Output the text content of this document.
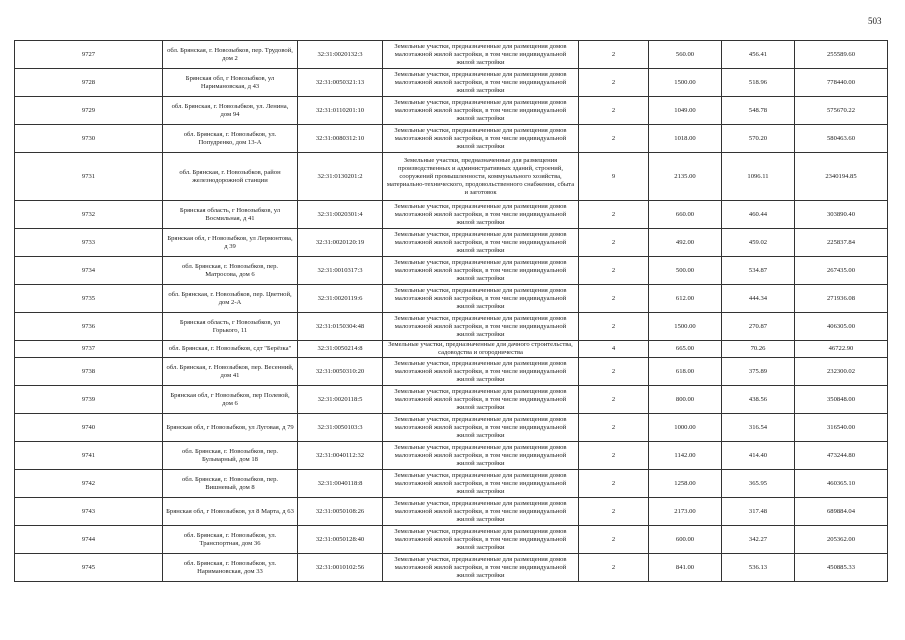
503
9727	обл. Брянская, г. Новозыбков, пер. Трудовой, дом 2	32:31:0020132:3	Земельные участки, предназначенные для размещения домов малоэтажной жилой застройки, в том числе индивидуальной жилой застройки	2	560.00	456.41	255589.60
9728	Брянская обл, г Новозыбков, ул Наримановская, д 43	32:31:0050321:13	Земельные участки, предназначенные для размещения домов малоэтажной жилой застройки, в том числе индивидуальной жилой застройки	2	1500.00	518.96	778440.00
9729	обл. Брянская, г. Новозыбков, ул. Ленина, дом 94	32:31:0110201:10	Земельные участки, предназначенные для размещения домов малоэтажной жилой застройки, в том числе индивидуальной жилой застройки	2	1049.00	548.78	575670.22
9730	обл. Брянская, г. Новозыбков, ул. Попудренко, дом 13-А	32:31:0080312:10	Земельные участки, предназначенные для размещения домов малоэтажной жилой застройки, в том числе индивидуальной жилой застройки	2	1018.00	570.20	580463.60
9731	обл. Брянская, г. Новозыбков, район железнодорожной станции	32:31:0130201:2	Земельные участки, предназначенные для размещения производственных и административных зданий, строений, сооружений промышленности, коммунального хозяйства, материально-технического, продовольственного снабжения, сбыта и заготовок	9	2135.00	1096.11	2340194.85
9732	Брянская область, г Новозыбков, ул Восмильная, д 41	32:31:0020301:4	Земельные участки, предназначенные для размещения домов малоэтажной жилой застройки, в том числе индивидуальной жилой застройки	2	660.00	460.44	303890.40
9733	Брянская обл, г Новозыбков, ул Лермонтова, д 39	32:31:0020120:19	Земельные участки, предназначенные для размещения домов малоэтажной жилой застройки, в том числе индивидуальной жилой застройки	2	492.00	459.02	225837.84
9734	обл. Брянская, г. Новозыбков, пер. Матросова, дом 6	32:31:0010317:3	Земельные участки, предназначенные для размещения домов малоэтажной жилой застройки, в том числе индивидуальной жилой застройки	2	500.00	534.87	267435.00
9735	обл. Брянская, г. Новозыбков, пер. Цветной, дом 2-А	32:31:0020119:6	Земельные участки, предназначенные для размещения домов малоэтажной жилой застройки, в том числе индивидуальной жилой застройки	2	612.00	444.34	271936.08
9736	Брянская область, г Новозыбков, ул Горького, 11	32:31:0150304:48	Земельные участки, предназначенные для размещения домов малоэтажной жилой застройки, в том числе индивидуальной жилой застройки	2	1500.00	270.87	406305.00
9737	обл. Брянская, г. Новозыбков, сдт "Берёзка"	32:31:0050214:8	Земельные участки, предназначенные для дачного строительства, садоводства и огородничества	4	665.00	70.26	46722.90
9738	обл. Брянская, г. Новозыбков, пер. Весенний, дом 41	32:31:0050310:20	Земельные участки, предназначенные для размещения домов малоэтажной жилой застройки, в том числе индивидуальной жилой застройки	2	618.00	375.89	232300.02
9739	Брянская обл, г Новозыбков, пер Полевой, дом 6	32:31:0020118:5	Земельные участки, предназначенные для размещения домов малоэтажной жилой застройки, в том числе индивидуальной жилой застройки	2	800.00	438.56	350848.00
9740	Брянская обл, г Новозыбков, ул Луговая, д 79	32:31:0050103:3	Земельные участки, предназначенные для размещения домов малоэтажной жилой застройки, в том числе индивидуальной жилой застройки	2	1000.00	316.54	316540.00
9741	обл. Брянская, г. Новозыбков, пер. Бульварный, дом 18	32:31:0040112:32	Земельные участки, предназначенные для размещения домов малоэтажной жилой застройки, в том числе индивидуальной жилой застройки	2	1142.00	414.40	473244.80
9742	обл. Брянская, г. Новозыбков, пер. Вишневый, дом 8	32:31:0040118:8	Земельные участки, предназначенные для размещения домов малоэтажной жилой застройки, в том числе индивидуальной жилой застройки	2	1258.00	365.95	460365.10
9743	Брянская обл, г Новозыбков, ул 8 Марта, д 63	32:31:0050108:26	Земельные участки, предназначенные для размещения домов малоэтажной жилой застройки, в том числе индивидуальной жилой застройки	2	2173.00	317.48	689884.04
9744	обл. Брянская, г. Новозыбков, ул. Транспортная, дом 36	32:31:0050128:40	Земельные участки, предназначенные для размещения домов малоэтажной жилой застройки, в том числе индивидуальной жилой застройки	2	600.00	342.27	205362.00
9745	обл. Брянская, г. Новозыбков, ул. Наримановская, дом 33	32:31:0010102:56	Земельные участки, предназначенные для размещения домов малоэтажной жилой застройки, в том числе индивидуальной жилой застройки	2	841.00	536.13	450885.33
